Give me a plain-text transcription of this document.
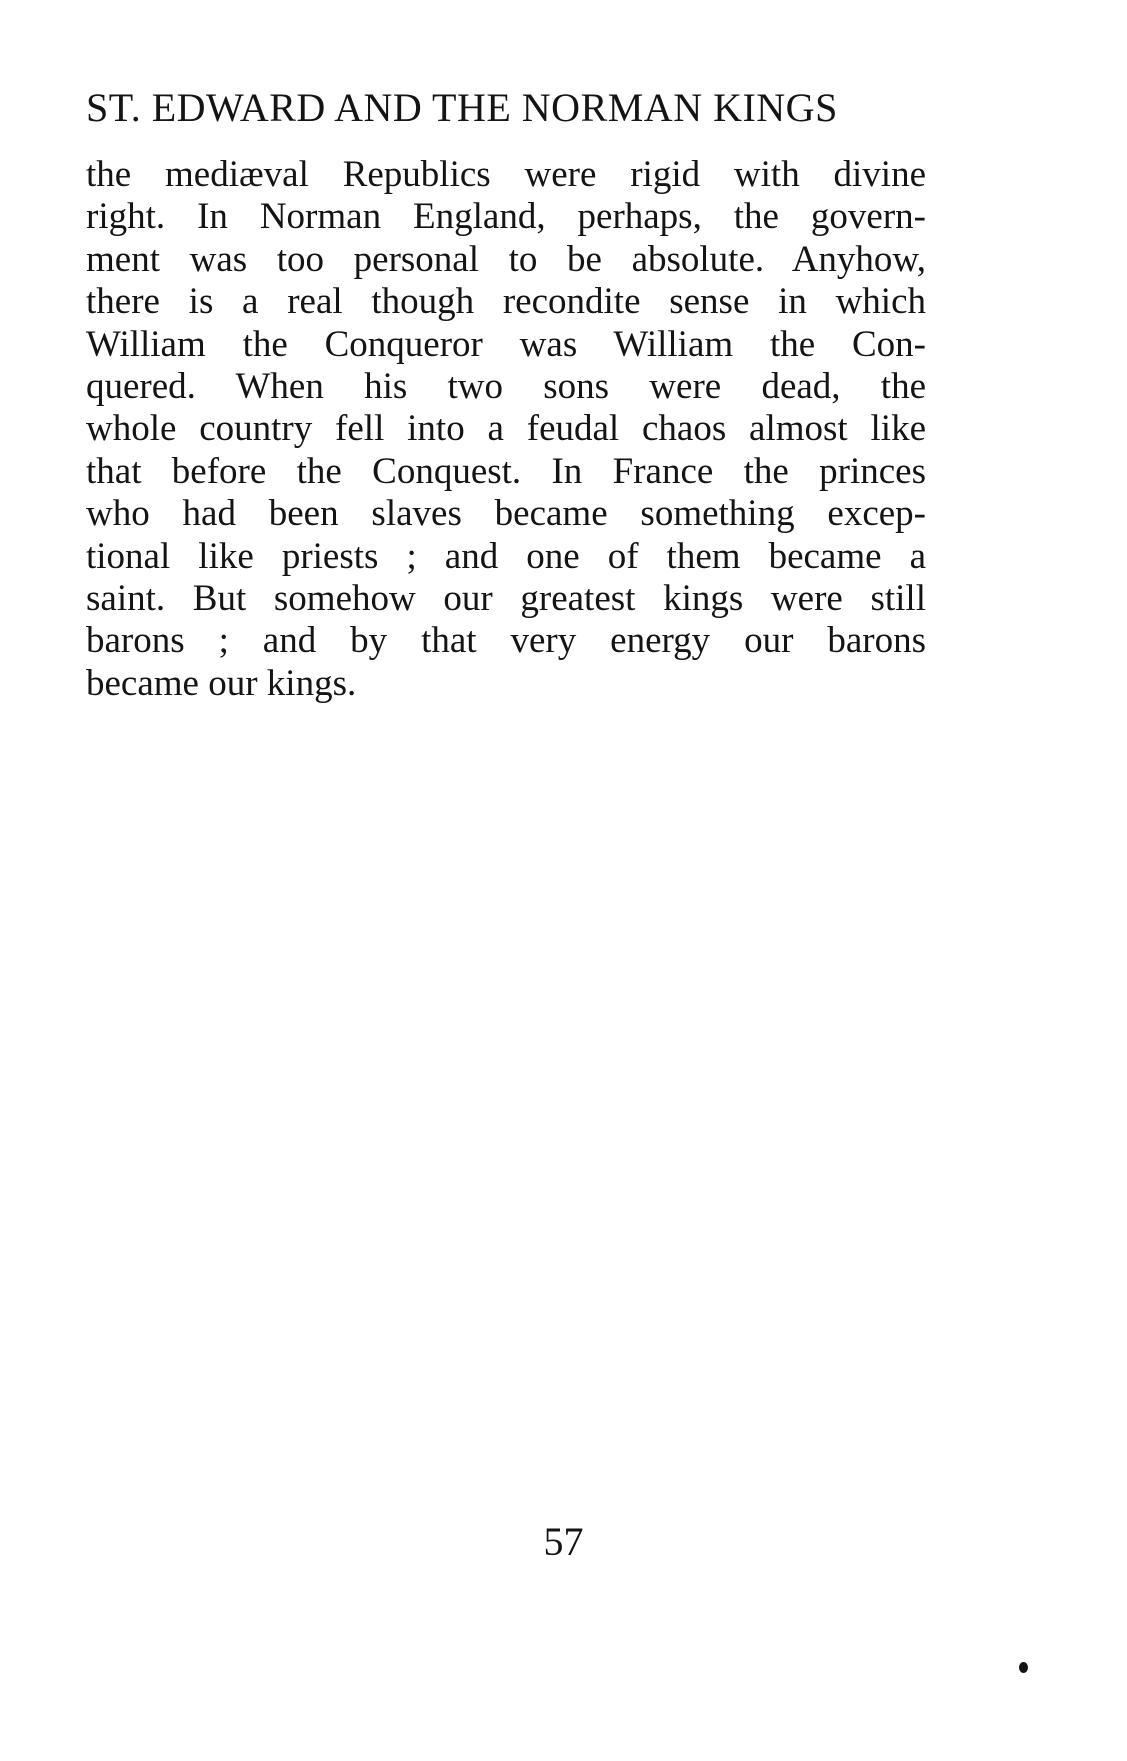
ST. EDWARD AND THE NORMAN KINGS
the mediæval Republics were rigid with divine
right. In Norman England, perhaps, the govern-
ment was too personal to be absolute. Anyhow,
there is a real though recondite sense in which
William the Conqueror was William the Con-
quered. When his two sons were dead, the
whole country fell into a feudal chaos almost like
that before the Conquest. In France the princes
who had been slaves became something excep-
tional like priests ; and one of them became a
saint. But somehow our greatest kings were still
barons ; and by that very energy our barons
became our kings.
57
